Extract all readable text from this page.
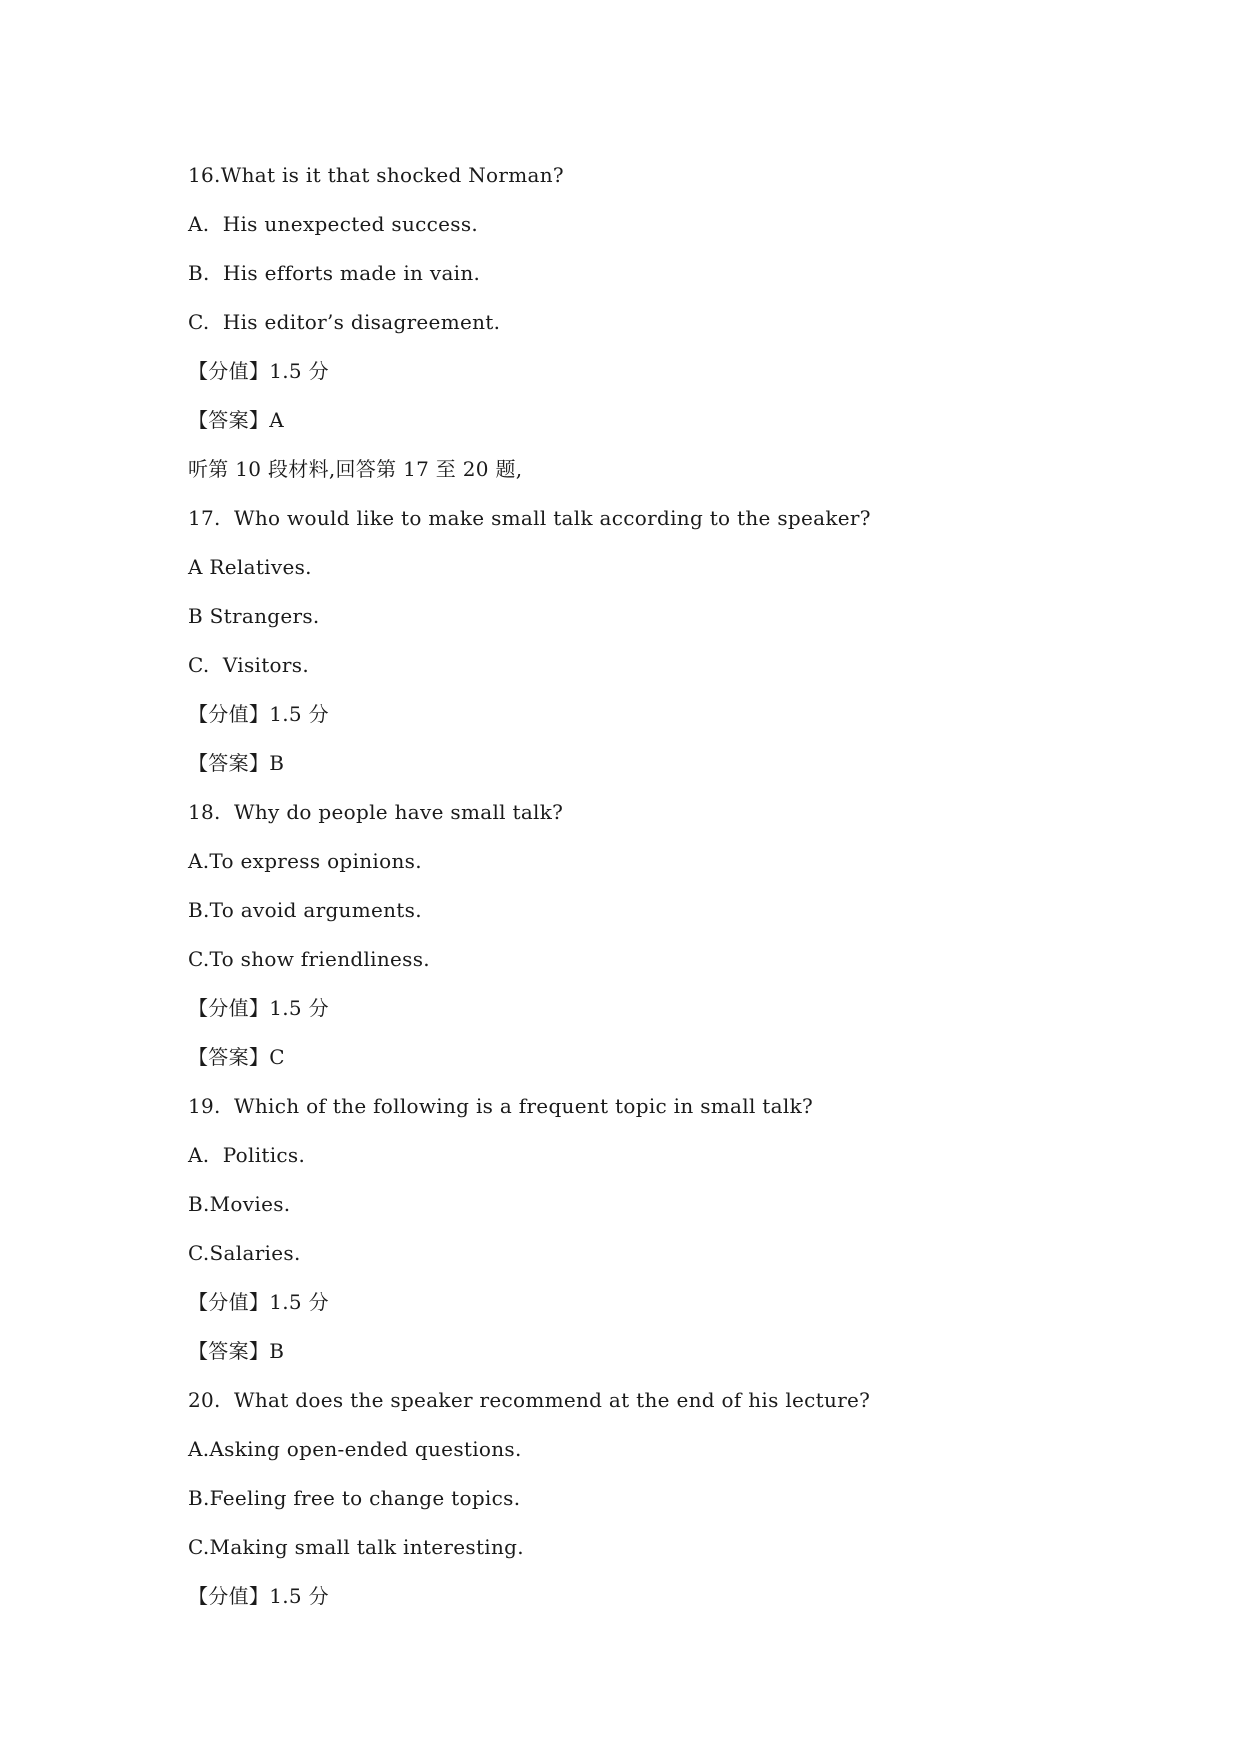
16.What is it that shocked Norman?
A.  His unexpected success.
B.  His efforts made in vain.
C.  His editor’s disagreement.
【分值】1.5 分
【答案】A
听第 10 段材料,回答第 17 至 20 题,
17.  Who would like to make small talk according to the speaker?
A Relatives.
B Strangers.
C.  Visitors.
【分值】1.5 分
【答案】B
18.  Why do people have small talk?
A.To express opinions.
B.To avoid arguments.
C.To show friendliness.
【分值】1.5 分
【答案】C
19.  Which of the following is a frequent topic in small talk?
A.  Politics.
B.Movies.
C.Salaries.
【分值】1.5 分
【答案】B
20.  What does the speaker recommend at the end of his lecture?
A.Asking open-ended questions.
B.Feeling free to change topics.
C.Making small talk interesting.
【分值】1.5 分
